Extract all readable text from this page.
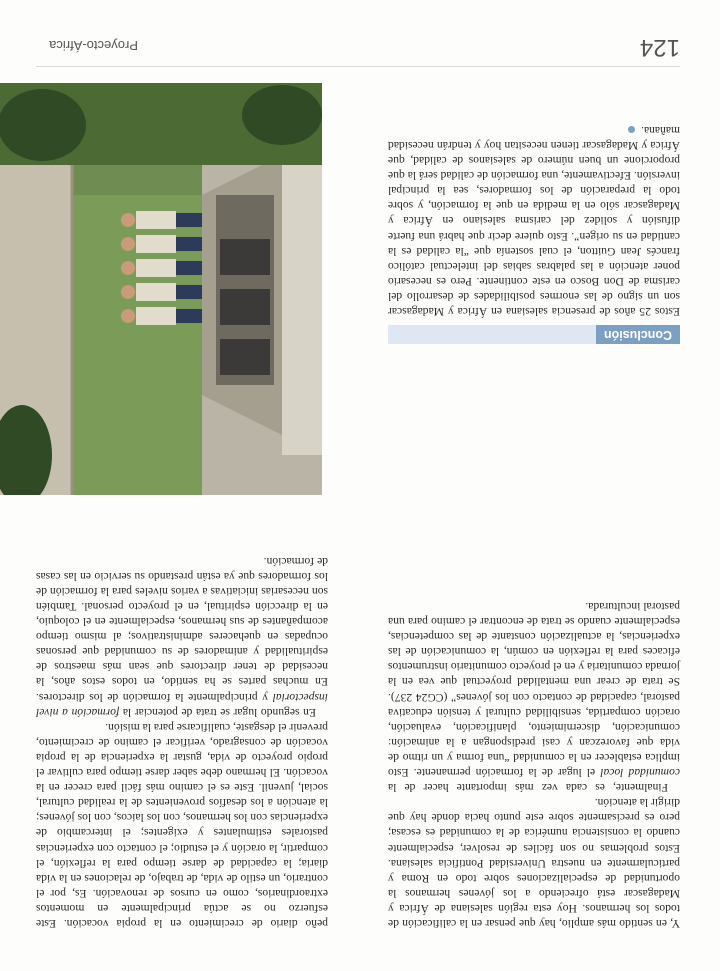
peño diario de crecimiento en la propia vocación. Este esfuerzo no se actúa principalmente en momentos extraordinarios, como en cursos de renovación. Es, por el contrario, un estilo de vida, de trabajo, de relaciones en la vida diaria; la capacidad de darse tiempo para la reflexión, el compartir, la oración y el estudio; el contacto con experiencias pastorales estimulantes y exigentes; el intercambio de experiencias con los hermanos, con los laicos, con los jóvenes; la atención a los desafíos provenientes de la realidad cultural, social, juvenil. Este es el camino más fácil para crecer en la vocación. El hermano debe saber darse tiempo para cultivar el propio proyecto de vida, gustar la experiencia de la propia vocación de consagrado, verificar el camino de crecimiento, prevenir el desgaste, cualificarse para la misión.

En segundo lugar se trata de potenciar la formación a nivel inspectorial y principalmente la formación de los directores. En muchas partes se ha sentido, en todos estos años, la necesidad de tener directores que sean más maestros de espiritualidad y animadores de su comunidad que personas ocupadas en quehaceres administrativos; al mismo tiempo acompañantes de sus hermanos, especialmente en el coloquio, en la dirección espiritual, en el proyecto personal. También son necesarias iniciativas a varios niveles para la formación de los formadores que ya están prestando su servicio en las casas de formación.

Y, en sentido más amplio, hay que pensar en la calificación de todos los hermanos. Hoy esta región salesiana de África y Madagascar está ofreciendo a los jóvenes hermanos la oportunidad de especializaciones sobre todo en Roma y particularmente en nuestra Universidad Pontificia salesiana. Estos problemas no son fáciles de resolver, especialmente cuando la consistencia numérica de la comunidad es escasa; pero es precisamente sobre este punto hacia donde hay que dirigir la atención.

Finalmente, es cada vez más importante hacer de la comunidad local el lugar de la formación permanente. Esto implica establecer en la comunidad “una forma y un ritmo de vida que favorezcan y casi predispongan a la animación: comunicación, discernimiento, planificación, evaluación, oración compartida, sensibilidad cultural y tensión educativa pastoral, capacidad de contacto con los jóvenes” (CG24 237). Se trata de crear una mentalidad proyectual que vea en la jornada comunitaria y en el proyecto comunitario instrumentos eficaces para la reflexión en común, la comunicación de las experiencias, la actualización constante de las competencias, especialmente cuando se trata de encontrar el camino para una pastoral inculturada.

Conclusión

Estos 25 años de presencia salesiana en África y Madagascar son un signo de las enormes posibilidades de desarrollo del carisma de Don Bosco en este continente. Pero es necesario poner atención a las palabras sabias del intelectual católico francés Jean Guitton, el cual sostenía que “la calidad es la cantidad en su origen”. Esto quiere decir que habrá una fuerte difusión y solidez del carisma salesiano en África y Madagascar sólo en la medida en que la formación, y sobre todo la preparación de los formadores, sea la principal inversión. Efectivamente, una formación de calidad será la que proporcione un buen número de salesianos de calidad, que África y Madagascar tienen necesitan hoy y tendrán necesidad mañana.

Proyecto-África	124
